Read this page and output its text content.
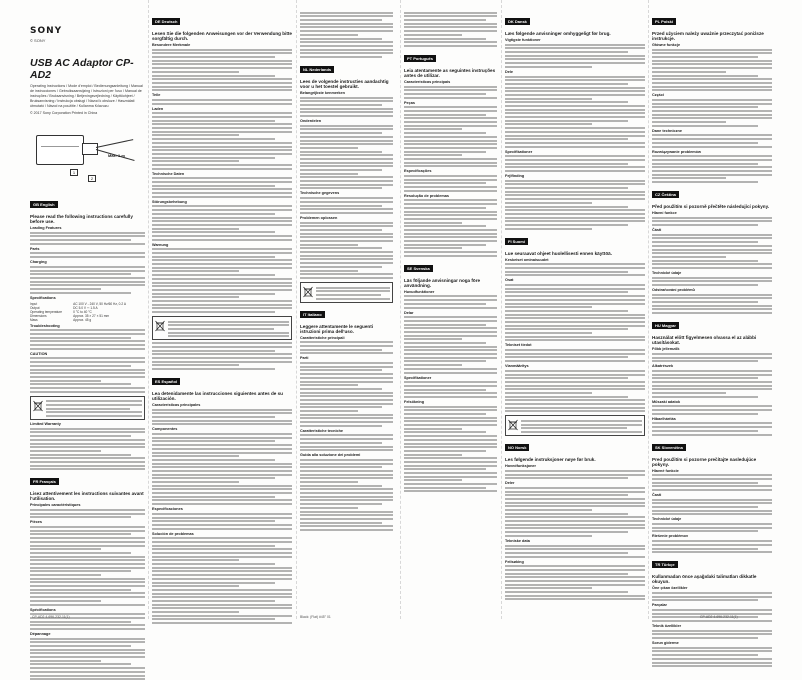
SONY
© SONY
USB AC Adaptor CP-AD2
Operating Instructions / Mode d'emploi / Bedienungsanleitung / Manual de instrucciones / Gebruiksaanwijzing / Istruzioni per l'uso / Manual de instruções / Bruksanvisning / Betjeningsvejledning / Käyttöohjeet / Bruksanvisning / Instrukcja obsługi / Návod k obsluze / Használati útmutató / Návod na použitie / Kullanma Kılavuzu
© 2017 Sony Corporation Printed in China
Max. 1 m
1
2
GB English
Please read the following instructions carefully before use.
Leading Features
Parts
Charging
Specifications
Input	AC 100 V - 240 V, 50 Hz/60 Hz, 0.2 A
Output	DC 5.0 V ⎓ 1.5 A
Operating temperature	0 °C to 40 °C
Dimensions	Approx. 35 × 27 × 51 mm
Mass	Approx. 45 g
Troubleshooting
CAUTION
Limited Warranty
FR Français
Lisez attentivement les instructions suivantes avant l'utilisation.
Principales caractéristiques
Pièces
Spécifications
Dépannage
DE Deutsch
Lesen Sie die folgenden Anweisungen vor der Verwendung bitte sorgfältig durch.
Besondere Merkmale
Teile
Laden
Technische Daten
Störungsbehebung
Warnung
ES Español
Lea detenidamente las instrucciones siguientes antes de su utilización.
Características principales
Componentes
Especificaciones
Solución de problemas
NL Nederlands
Lees de volgende instructies aandachtig voor u het toestel gebruikt.
Belangrijkste kenmerken
Onderdelen
Technische gegevens
Problemen oplossen
IT Italiano
Leggere attentamente le seguenti istruzioni prima dell'uso.
Caratteristiche principali
Parti
Caratteristiche tecniche
Guida alla soluzione dei problemi
PT Português
Leia atentamente as seguintes instruções antes de utilizar.
Características principais
Peças
Especificações
Resolução de problemas
SE Svenska
Läs följande anvisningar noga före användning.
Huvudfunktioner
Delar
Specifikationer
Felsökning
DK Dansk
Læs følgende anvisninger omhyggeligt før brug.
Vigtigste funktioner
Dele
Specifikationer
Fejlfinding
FI Suomi
Lue seuraavat ohjeet huolellisesti ennen käyttöä.
Keskeiset ominaisuudet
Osat
Tekniset tiedot
Vianmääritys
NO Norsk
Les følgende instruksjoner nøye før bruk.
Hovedfunksjoner
Deler
Tekniske data
Feilsøking
PL Polski
Przed użyciem należy uważnie przeczytać poniższe instrukcje.
Główne funkcje
Części
Dane techniczne
Rozwiązywanie problemów
CZ Čeština
Před použitím si pozorně přečtěte následující pokyny.
Hlavní funkce
Části
Technické údaje
Odstraňování problémů
HU Magyar
Használat előtt figyelmesen olvassa el az alábbi utasításokat.
Főbb jellemzők
Alkatrészek
Műszaki adatok
Hibaelhárítás
SK Slovenčina
Pred použitím si pozorne prečítajte nasledujúce pokyny.
Hlavné funkcie
Časti
Technické údaje
Riešenie problémov
TR Türkçe
Kullanmadan önce aşağıdaki talimatları dikkatle okuyun.
Öne çıkan özellikler
Parçalar
Teknik özellikler
Sorun giderme
CP-AD2 4-696-232-11(1)	Black: (Flat) #45° 01	CP-AD2 4-696-232-11(1)
